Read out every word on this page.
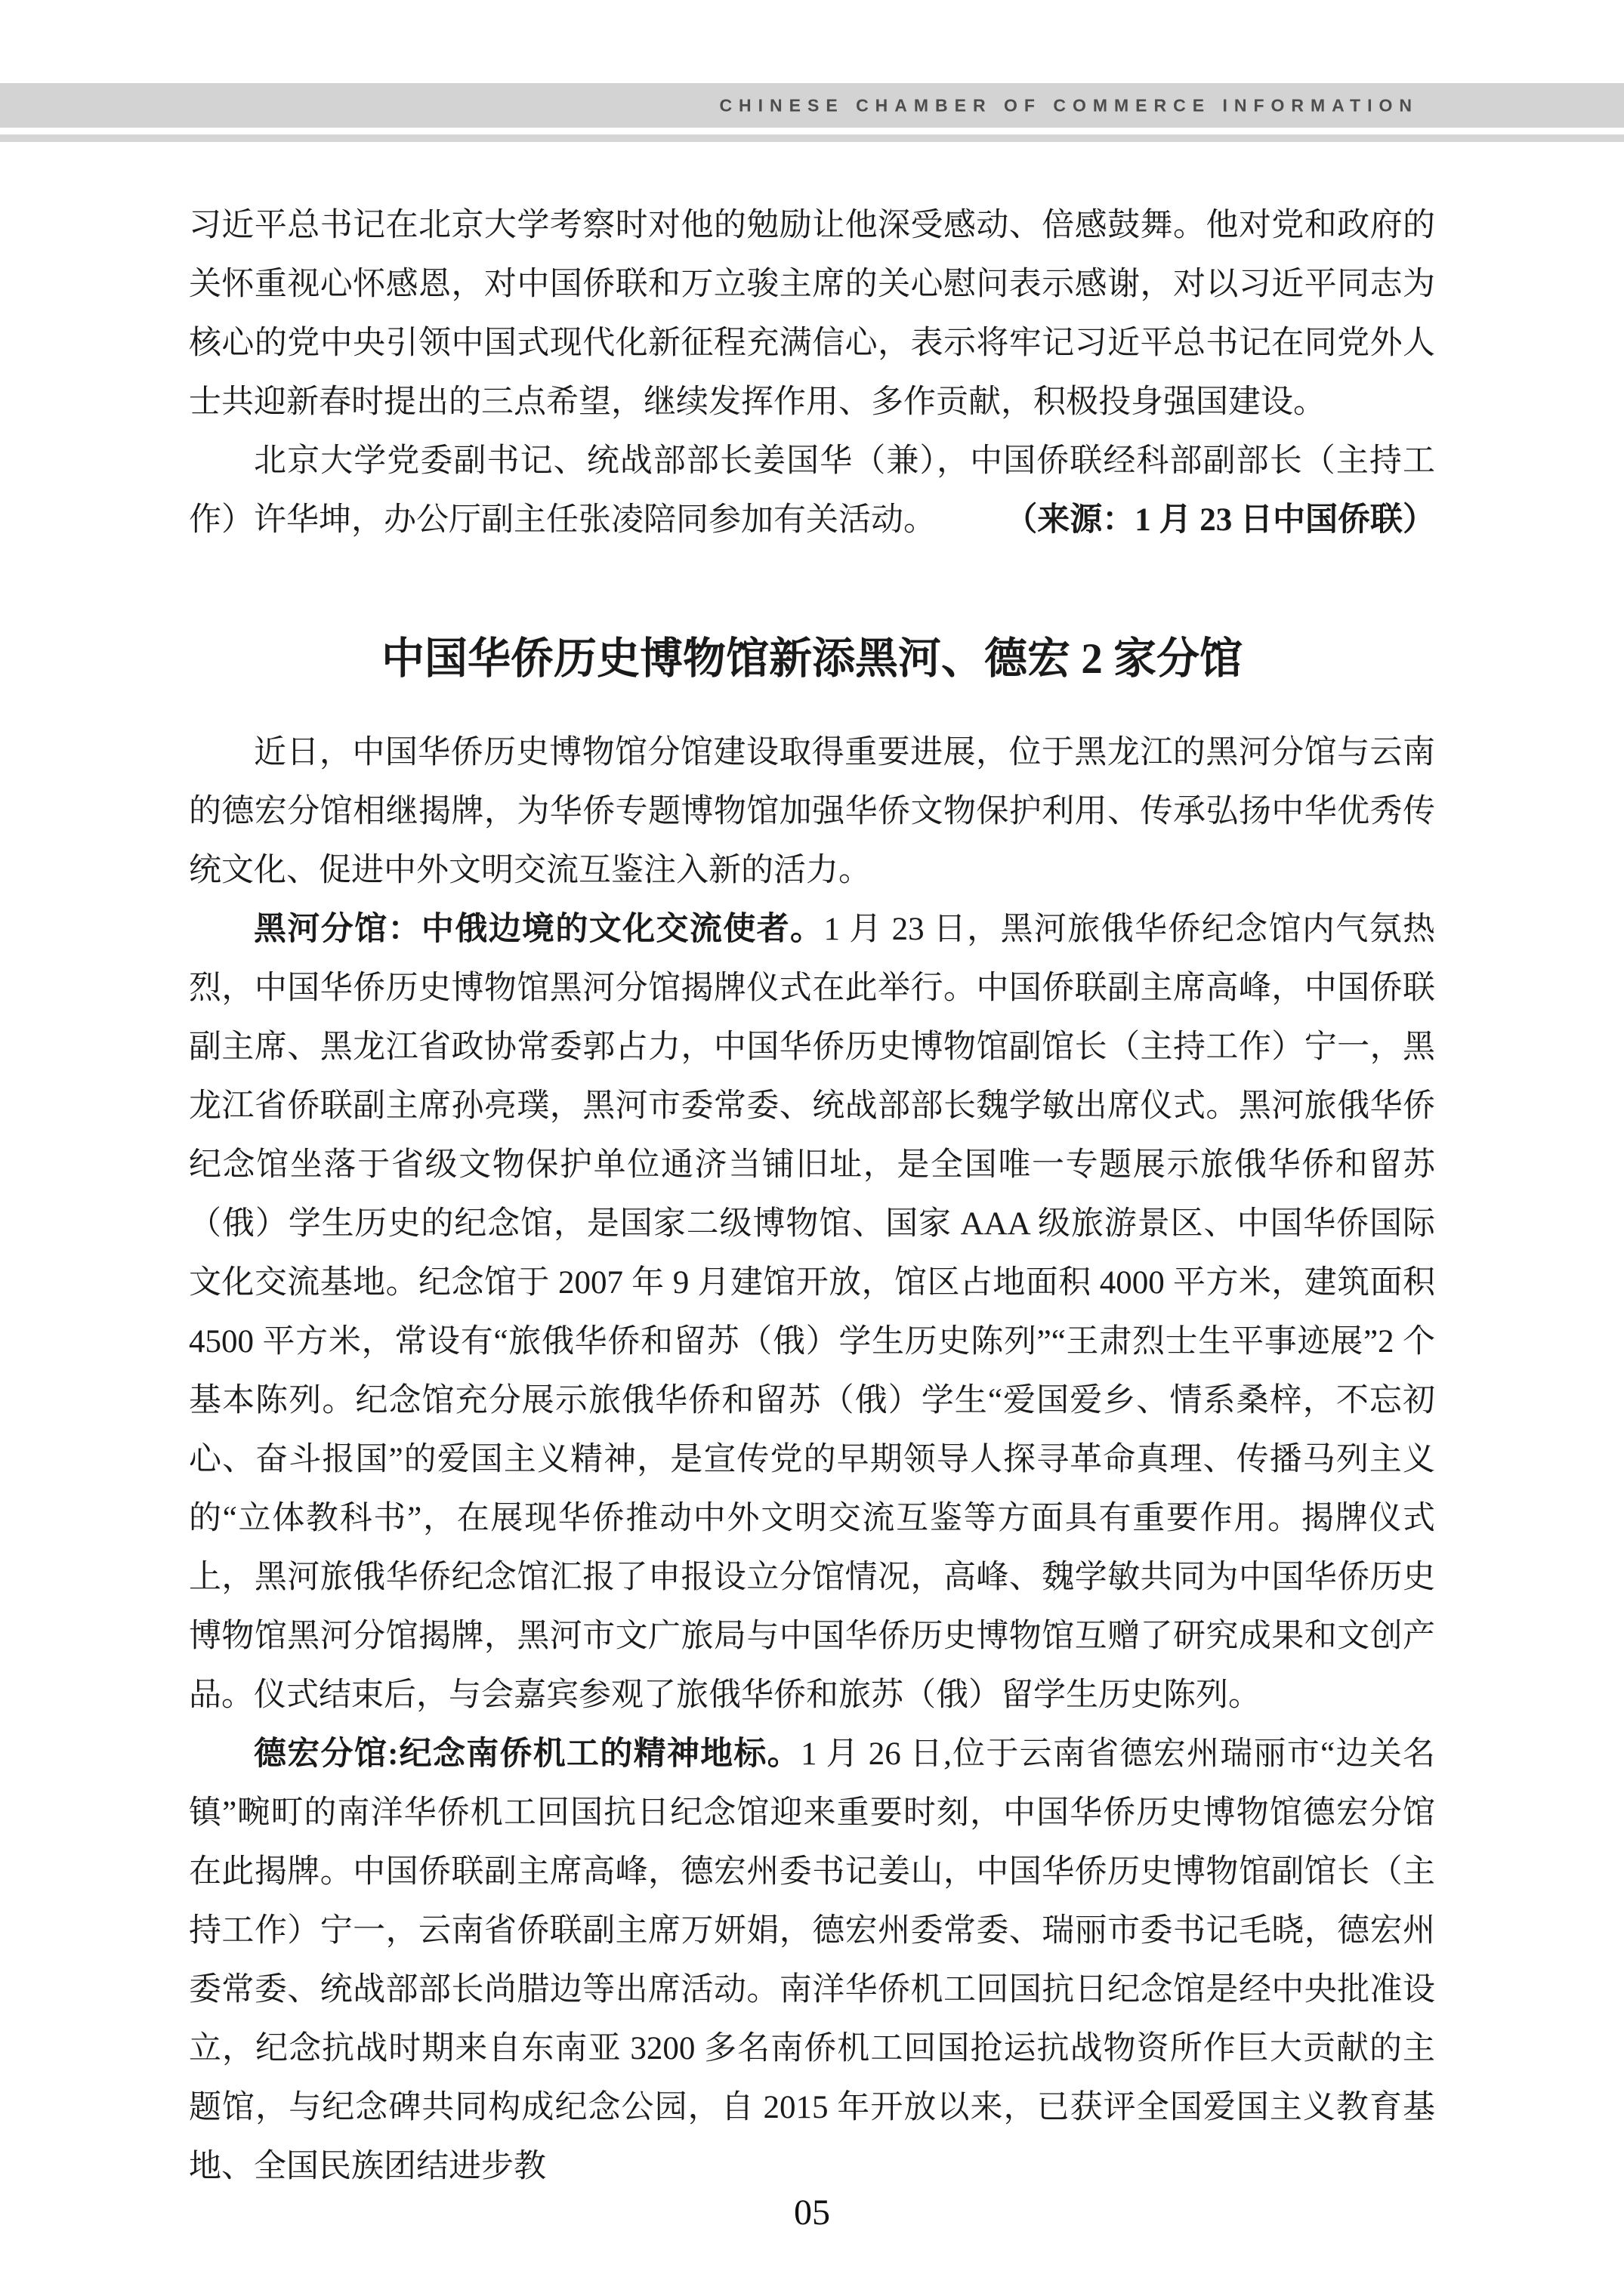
CHINESE CHAMBER OF COMMERCE INFORMATION

习近平总书记在北京大学考察时对他的勉励让他深受感动、倍感鼓舞。他对党和政府的关怀重视心怀感恩，对中国侨联和万立骏主席的关心慰问表示感谢，对以习近平同志为核心的党中央引领中国式现代化新征程充满信心，表示将牢记习近平总书记在同党外人士共迎新春时提出的三点希望，继续发挥作用、多作贡献，积极投身强国建设。

北京大学党委副书记、统战部部长姜国华（兼），中国侨联经科部副部长（主持工作）许华坤，办公厅副主任张凌陪同参加有关活动。 （来源：1 月 23 日中国侨联）
中国华侨历史博物馆新添黑河、德宏 2 家分馆

近日，中国华侨历史博物馆分馆建设取得重要进展，位于黑龙江的黑河分馆与云南的德宏分馆相继揭牌，为华侨专题博物馆加强华侨文物保护利用、传承弘扬中华优秀传统文化、促进中外文明交流互鉴注入新的活力。

黑河分馆：中俄边境的文化交流使者。1 月 23 日，黑河旅俄华侨纪念馆内气氛热烈，中国华侨历史博物馆黑河分馆揭牌仪式在此举行。中国侨联副主席高峰，中国侨联副主席、黑龙江省政协常委郭占力，中国华侨历史博物馆副馆长（主持工作）宁一，黑龙江省侨联副主席孙亮璞，黑河市委常委、统战部部长魏学敏出席仪式。黑河旅俄华侨纪念馆坐落于省级文物保护单位通济当铺旧址，是全国唯一专题展示旅俄华侨和留苏（俄）学生历史的纪念馆，是国家二级博物馆、国家 AAA 级旅游景区、中国华侨国际文化交流基地。纪念馆于 2007 年 9 月建馆开放，馆区占地面积 4000 平方米，建筑面积 4500 平方米，常设有“旅俄华侨和留苏（俄）学生历史陈列”“王肃烈士生平事迹展”2 个基本陈列。纪念馆充分展示旅俄华侨和留苏（俄）学生“爱国爱乡、情系桑梓，不忘初心、奋斗报国”的爱国主义精神，是宣传党的早期领导人探寻革命真理、传播马列主义的“立体教科书”，在展现华侨推动中外文明交流互鉴等方面具有重要作用。揭牌仪式上，黑河旅俄华侨纪念馆汇报了申报设立分馆情况，高峰、魏学敏共同为中国华侨历史博物馆黑河分馆揭牌，黑河市文广旅局与中国华侨历史博物馆互赠了研究成果和文创产品。仪式结束后，与会嘉宾参观了旅俄华侨和旅苏（俄）留学生历史陈列。

德宏分馆:纪念南侨机工的精神地标。1 月 26 日,位于云南省德宏州瑞丽市“边关名镇”畹町的南洋华侨机工回国抗日纪念馆迎来重要时刻，中国华侨历史博物馆德宏分馆在此揭牌。中国侨联副主席高峰，德宏州委书记姜山，中国华侨历史博物馆副馆长（主持工作）宁一，云南省侨联副主席万妍娟，德宏州委常委、瑞丽市委书记毛晓，德宏州委常委、统战部部长尚腊边等出席活动。南洋华侨机工回国抗日纪念馆是经中央批准设立，纪念抗战时期来自东南亚 3200 多名南侨机工回国抢运抗战物资所作巨大贡献的主题馆，与纪念碑共同构成纪念公园，自 2015 年开放以来，已获评全国爱国主义教育基地、全国民族团结进步教

05
